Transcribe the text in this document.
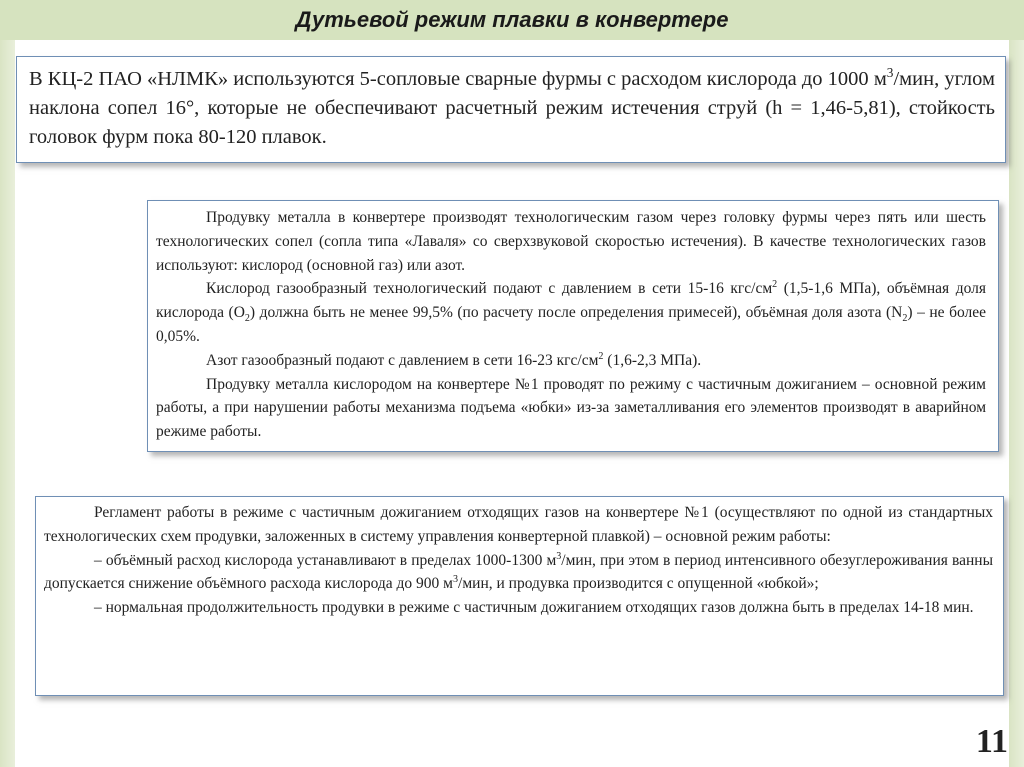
Дутьевой режим плавки в конвертере

В КЦ-2 ПАО «НЛМК» используются 5-сопловые сварные фурмы с расходом кислорода до 1000 $м^3$/мин, углом наклона сопел 16°, которые не обеспечивают расчетный режим истечения струй (h = 1,46-5,81), стойкость головок фурм пока 80-120 плавок.

Продувку металла в конвертере производят технологическим газом через головку фурмы через пять или шесть технологических сопел (сопла типа «Лаваля» со сверхзвуковой скоростью истечения). В качестве технологических газов используют: кислород (основной газ) или азот.

Кислород газообразный технологический подают с давлением в сети 15-16 кгс/$см^2$ (1,5-1,6 МПа), объёмная доля кислорода $(О_2)$ должна быть не менее 99,5% (по расчету после определения примесей), объёмная доля азота $(N_2)$ – не более 0,05%.

Азот газообразный подают с давлением в сети 16-23 кгс/$см^2$ (1,6-2,3 МПа).

Продувку металла кислородом на конвертере №1 проводят по режиму с частичным дожиганием – основной режим работы, а при нарушении работы механизма подъема «юбки» из-за заметалливания его элементов производят в аварийном режиме работы.

Регламент работы в режиме с частичным дожиганием отходящих газов на конвертере №1 (осуществляют по одной из стандартных технологических схем продувки, заложенных в систему управления конвертерной плавкой) – основной режим работы:

– объёмный расход кислорода устанавливают в пределах 1000-1300 $м^3$/мин, при этом в период интенсивного обезуглероживания ванны допускается снижение объёмного расхода кислорода до 900 $м^3$/мин, и продувка производится с опущенной «юбкой»;

– нормальная продолжительность продувки в режиме с частичным дожиганием отходящих газов должна быть в пределах 14-18 мин.

11
